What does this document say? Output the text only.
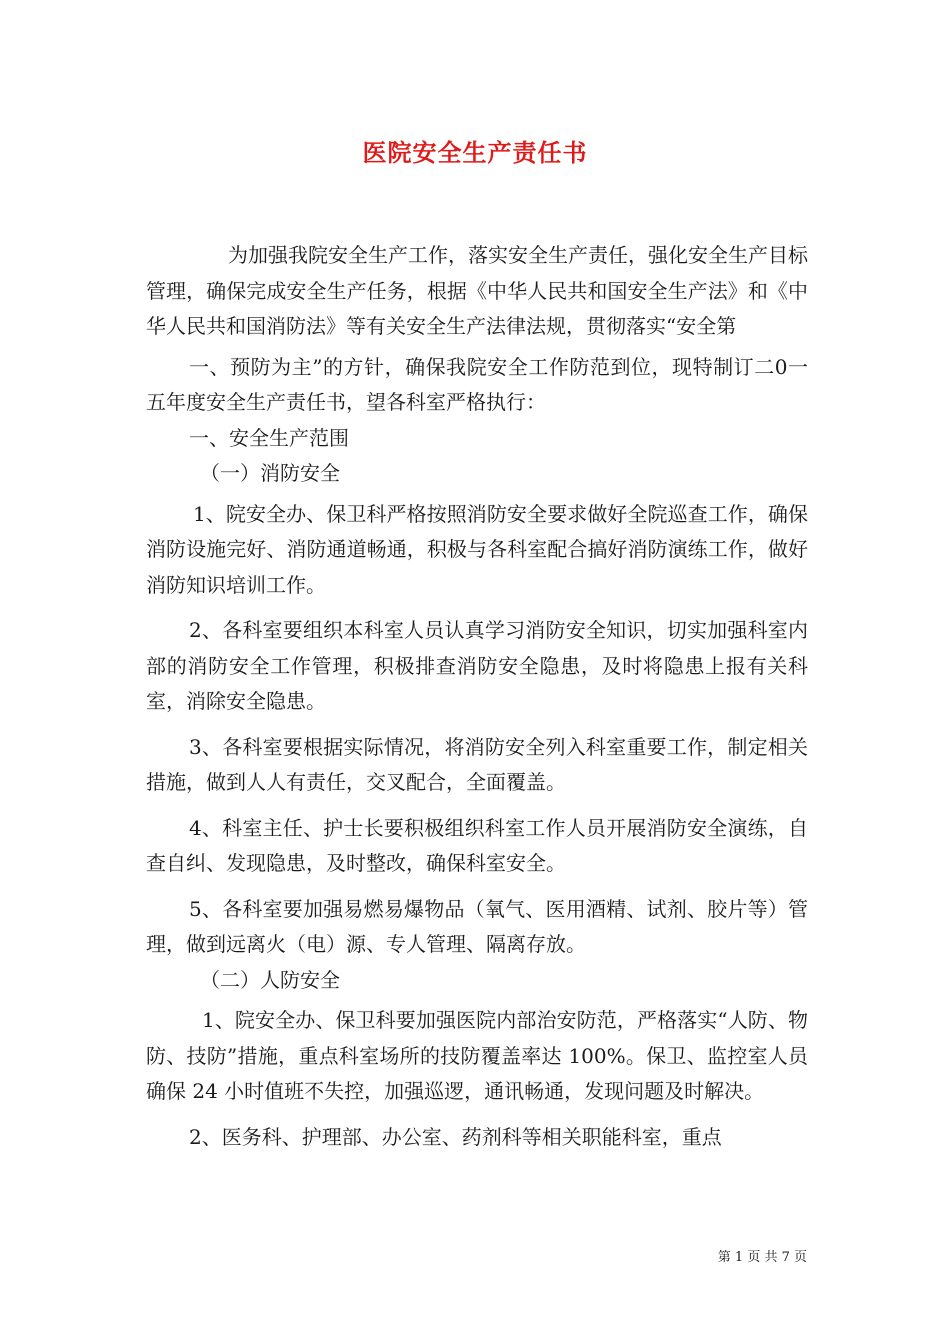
医院安全生产责任书

为加强我院安全生产工作，落实安全生产责任，强化安全生产目标管理，确保完成安全生产任务，根据《中华人民共和国安全生产法》和《中华人民共和国消防法》等有关安全生产法律法规，贯彻落实“安全第

一、预防为主”的方针，确保我院安全工作防范到位，现特制订二0一五年度安全生产责任书，望各科室严格执行：

一、安全生产范围

（一）消防安全

1、院安全办、保卫科严格按照消防安全要求做好全院巡查工作，确保消防设施完好、消防通道畅通，积极与各科室配合搞好消防演练工作，做好消防知识培训工作。

2、各科室要组织本科室人员认真学习消防安全知识，切实加强科室内部的消防安全工作管理，积极排查消防安全隐患，及时将隐患上报有关科室，消除安全隐患。

3、各科室要根据实际情况，将消防安全列入科室重要工作，制定相关措施，做到人人有责任，交叉配合，全面覆盖。

4、科室主任、护士长要积极组织科室工作人员开展消防安全演练，自查自纠、发现隐患，及时整改，确保科室安全。

5、各科室要加强易燃易爆物品（氧气、医用酒精、试剂、胶片等）管理，做到远离火（电）源、专人管理、隔离存放。

（二）人防安全

1、院安全办、保卫科要加强医院内部治安防范，严格落实“人防、物防、技防”措施，重点科室场所的技防覆盖率达 100%。保卫、监控室人员确保 24 小时值班不失控，加强巡逻，通讯畅通，发现问题及时解决。

2、医务科、护理部、办公室、药剂科等相关职能科室，重点

第 1 页 共 7 页
